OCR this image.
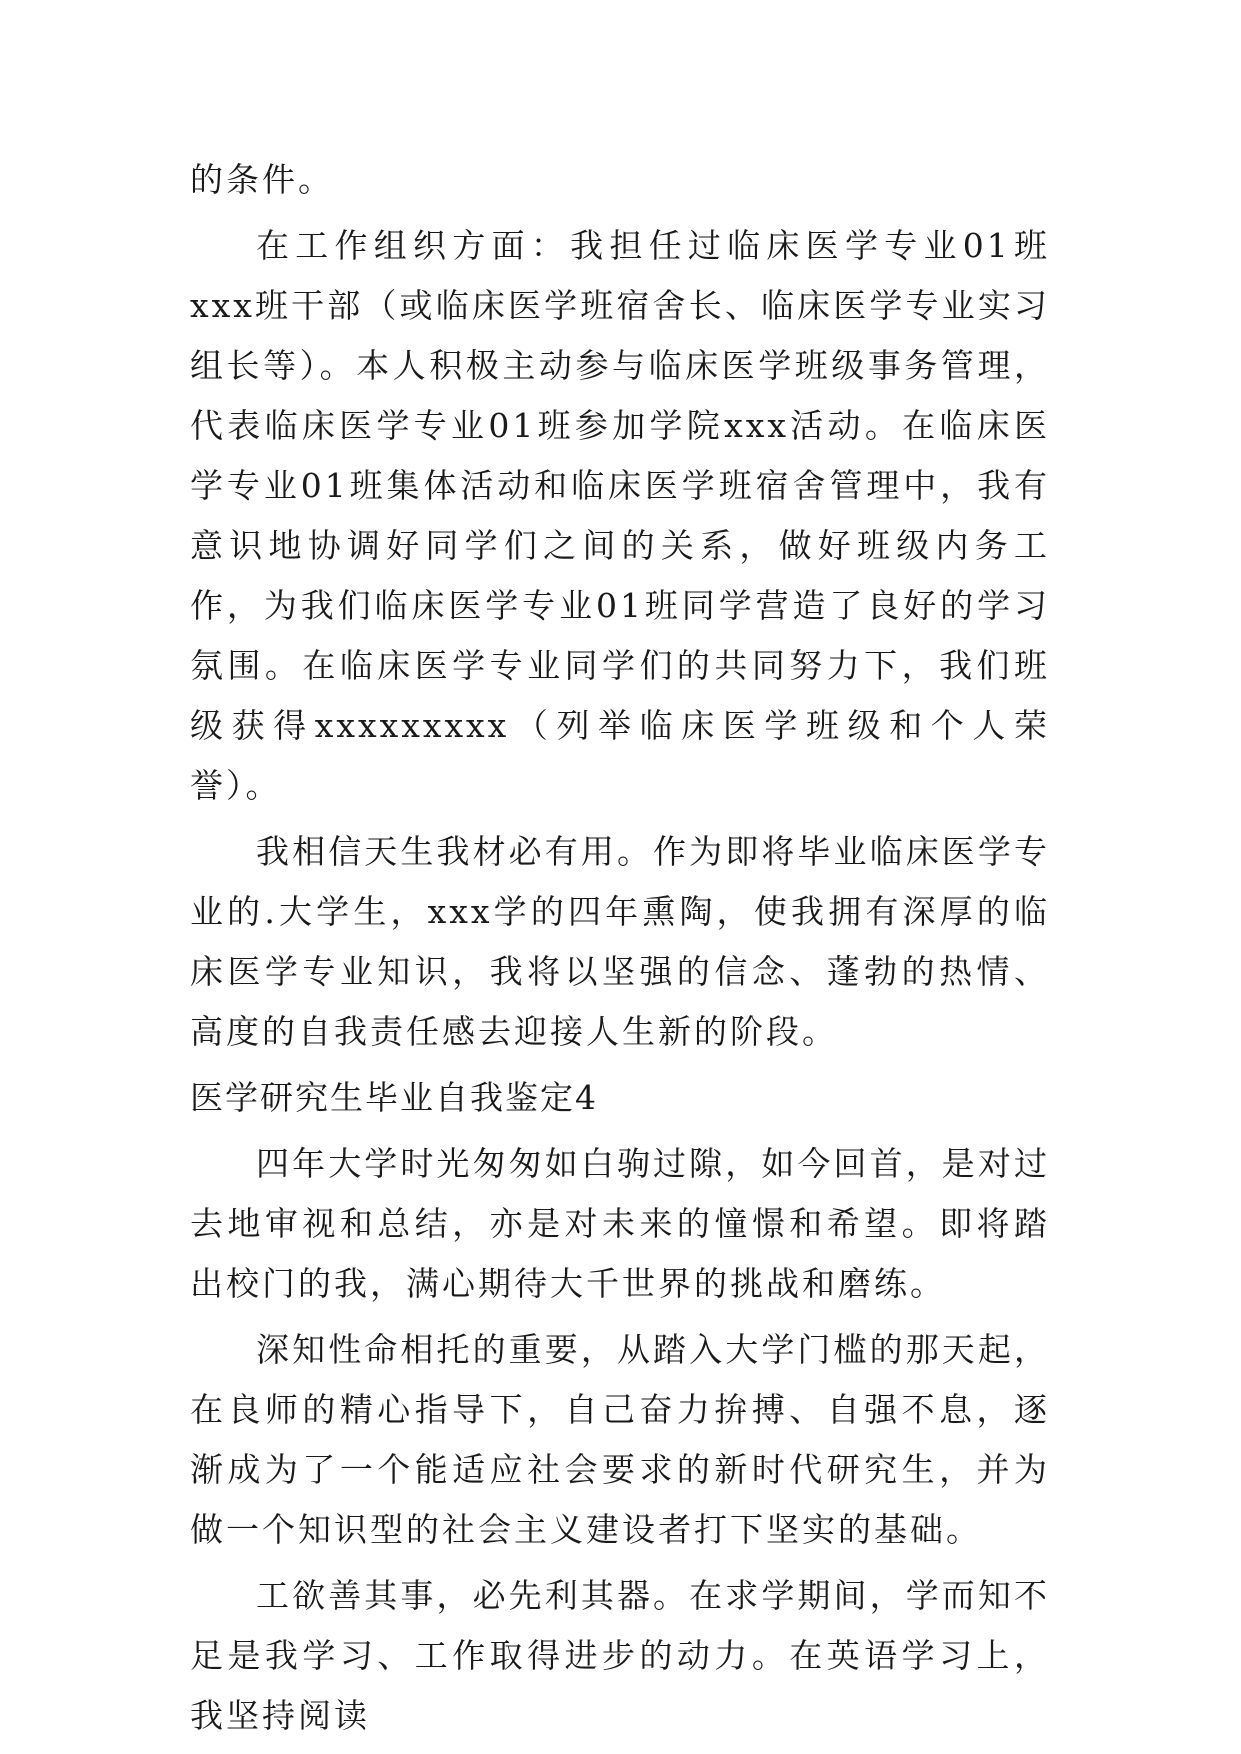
的条件。

在工作组织方面：我担任过临床医学专业01班xxx班干部（或临床医学班宿舍长、临床医学专业实习组长等）。本人积极主动参与临床医学班级事务管理，代表临床医学专业01班参加学院xxx活动。在临床医学专业01班集体活动和临床医学班宿舍管理中，我有意识地协调好同学们之间的关系，做好班级内务工作，为我们临床医学专业01班同学营造了良好的学习氛围。在临床医学专业同学们的共同努力下，我们班级获得xxxxxxxxx（列举临床医学班级和个人荣誉）。

我相信天生我材必有用。作为即将毕业临床医学专业的.大学生，xxx学的四年熏陶，使我拥有深厚的临床医学专业知识，我将以坚强的信念、蓬勃的热情、高度的自我责任感去迎接人生新的阶段。

医学研究生毕业自我鉴定4

四年大学时光匆匆如白驹过隙，如今回首，是对过去地审视和总结，亦是对未来的憧憬和希望。即将踏出校门的我，满心期待大千世界的挑战和磨练。

深知性命相托的重要，从踏入大学门槛的那天起，在良师的精心指导下，自己奋力拚搏、自强不息，逐渐成为了一个能适应社会要求的新时代研究生，并为做一个知识型的社会主义建设者打下坚实的基础。

工欲善其事，必先利其器。在求学期间，学而知不足是我学习、工作取得进步的动力。在英语学习上，我坚持阅读
